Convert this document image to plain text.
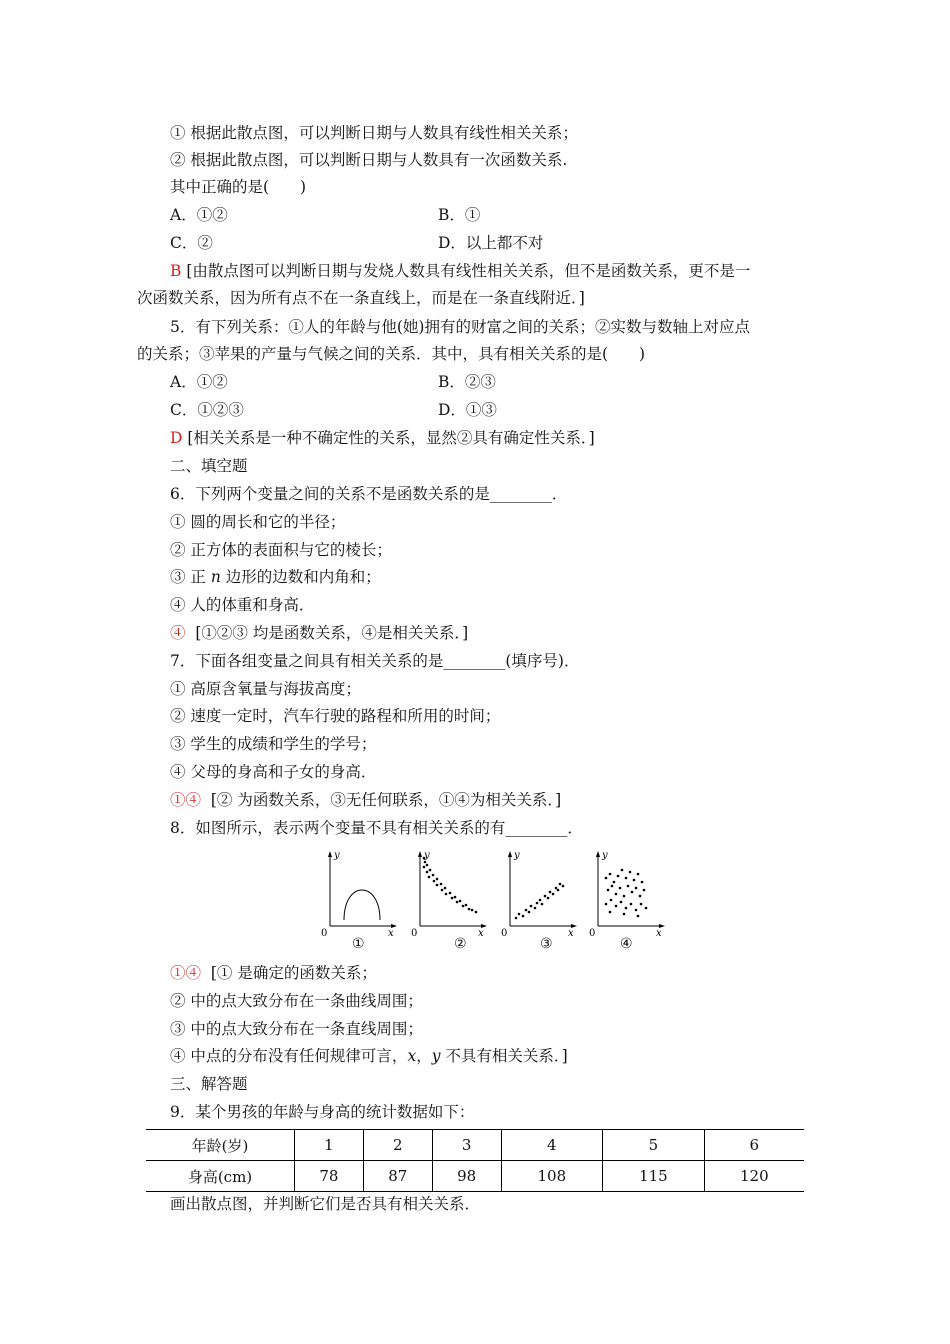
① 根据此散点图，可以判断日期与人数具有线性相关关系；
② 根据此散点图，可以判断日期与人数具有一次函数关系.
其中正确的是(　　)
A．①②	B．①
C．②	D．以上都不对
B [由散点图可以判断日期与发烧人数具有线性相关关系，但不是函数关系，更不是一
次函数关系，因为所有点不在一条直线上，而是在一条直线附近．]
5．有下列关系：①人的年龄与他(她)拥有的财富之间的关系；②实数与数轴上对应点
的关系；③苹果的产量与气候之间的关系．其中，具有相关关系的是(　　)
A．①②	B．②③
C．①②③	D．①③
D [相关关系是一种不确定性的关系，显然②具有确定性关系．]
二、填空题
6．下列两个变量之间的关系不是函数关系的是________．
① 圆的周长和它的半径；
② 正方体的表面积与它的棱长；
③ 正 n 边形的边数和内角和；
④ 人的体重和身高．
④ [①②③ 均是函数关系，④是相关关系．]
7．下面各组变量之间具有相关关系的是________(填序号)．
① 高原含氧量与海拔高度；
② 速度一定时，汽车行驶的路程和所用的时间；
③ 学生的成绩和学生的学号；
④ 父母的身高和子女的身高．
①④ [② 为函数关系，③无任何联系，①④为相关关系．]
8．如图所示，表示两个变量不具有相关关系的有________．
y
x
0
y
x
0
y
x
0
y
x
0
①	②	③	④
①④ [① 是确定的函数关系；
② 中的点大致分布在一条曲线周围；
③ 中的点大致分布在一条直线周围；
④ 中点的分布没有任何规律可言，x，y 不具有相关关系．]
三、解答题
9．某个男孩的年龄与身高的统计数据如下：
年龄(岁)	1	2	3	4	5	6
身高(cm)	78	87	98	108	115	120
画出散点图，并判断它们是否具有相关关系．
